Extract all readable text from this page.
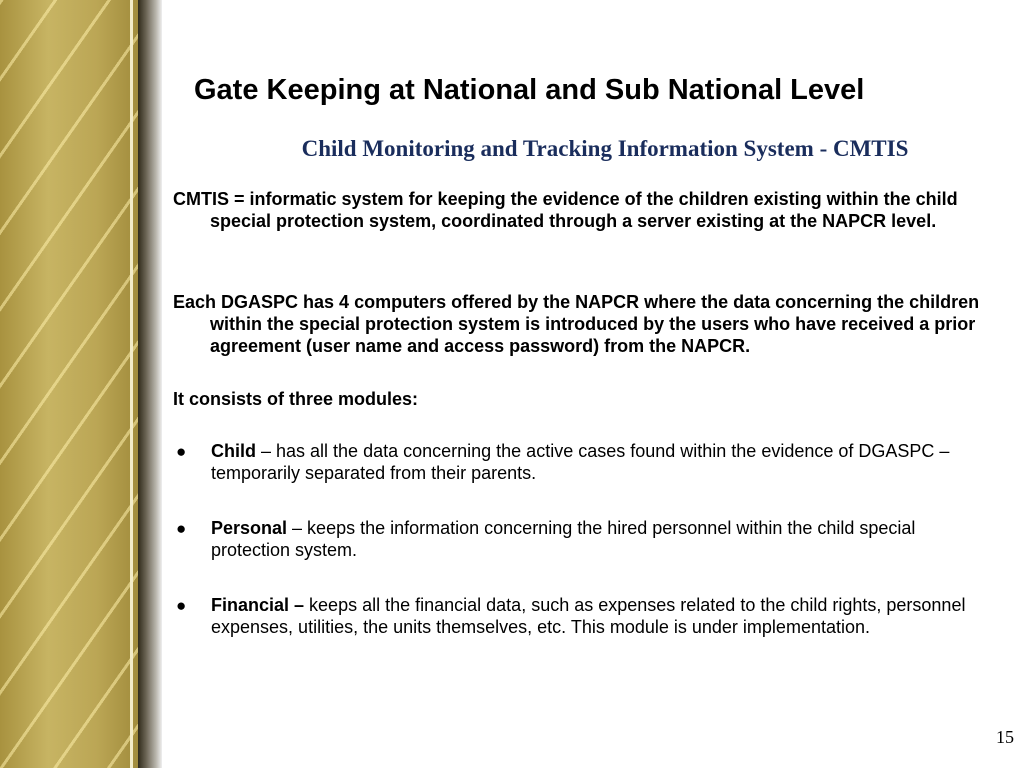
Gate Keeping at National and Sub National Level
Child Monitoring and Tracking Information System - CMTIS

CMTIS = informatic system for keeping the evidence of the children existing within the child special protection system, coordinated through a server existing at the NAPCR level.

Each DGASPC has 4 computers offered by the NAPCR where the data concerning the children within the special protection system is introduced by the users who have received a prior agreement (user name and access password) from the NAPCR.

It consists of three modules:

● Child – has all the data concerning the active cases found within the evidence of DGASPC – temporarily separated from their parents.

● Personal – keeps the information concerning the hired personnel within the child special protection system.

● Financial – keeps all the financial data, such as expenses related to the child rights, personnel expenses, utilities, the units themselves, etc. This module is under implementation.

15
